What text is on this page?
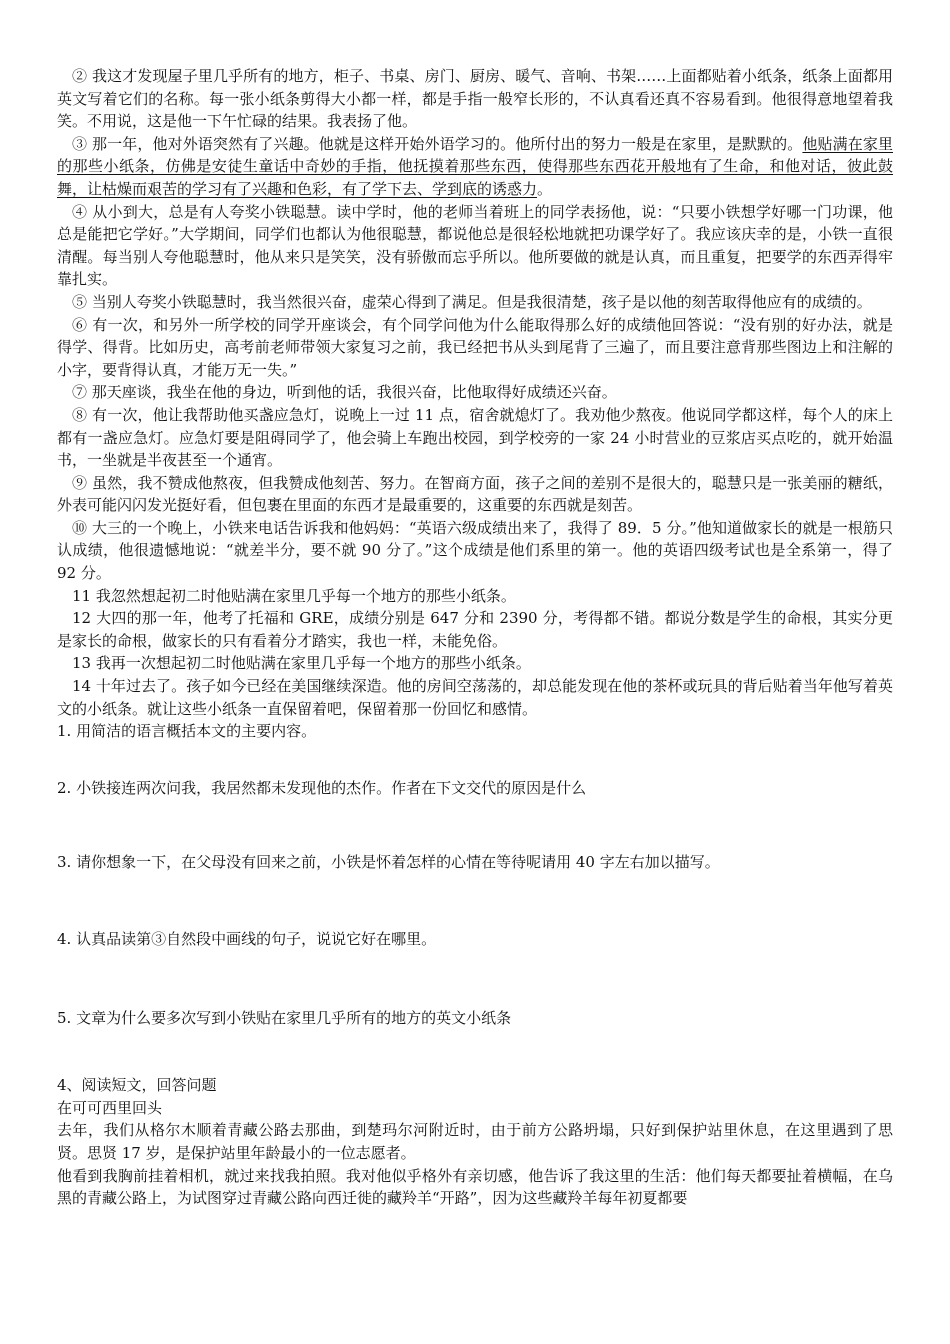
② 我这才发现屋子里几乎所有的地方，柜子、书桌、房门、厨房、暖气、音响、书架……上面都贴着小纸条，纸条上面都用英文写着它们的名称。每一张小纸条剪得大小都一样，都是手指一般窄长形的，不认真看还真不容易看到。他很得意地望着我笑。不用说，这是他一下午忙碌的结果。我表扬了他。

③ 那一年，他对外语突然有了兴趣。他就是这样开始外语学习的。他所付出的努力一般是在家里，是默默的。他贴满在家里的那些小纸条，仿佛是安徒生童话中奇妙的手指，他抚摸着那些东西，使得那些东西花开般地有了生命，和他对话，彼此鼓舞，让枯燥而艰苦的学习有了兴趣和色彩，有了学下去、学到底的诱惑力。

④ 从小到大，总是有人夸奖小铁聪慧。读中学时，他的老师当着班上的同学表扬他，说：“只要小铁想学好哪一门功课，他总是能把它学好。”大学期间，同学们也都认为他很聪慧，都说他总是很轻松地就把功课学好了。我应该庆幸的是，小铁一直很清醒。每当别人夸他聪慧时，他从来只是笑笑，没有骄傲而忘乎所以。他所要做的就是认真，而且重复，把要学的东西弄得牢靠扎实。

⑤ 当别人夸奖小铁聪慧时，我当然很兴奋，虚荣心得到了满足。但是我很清楚，孩子是以他的刻苦取得他应有的成绩的。

⑥ 有一次，和另外一所学校的同学开座谈会，有个同学问他为什么能取得那么好的成绩他回答说：“没有别的好办法，就是得学、得背。比如历史，高考前老师带领大家复习之前，我已经把书从头到尾背了三遍了，而且要注意背那些图边上和注解的小字，要背得认真，才能万无一失。”

⑦ 那天座谈，我坐在他的身边，听到他的话，我很兴奋，比他取得好成绩还兴奋。

⑧ 有一次，他让我帮助他买盏应急灯，说晚上一过 11 点，宿舍就熄灯了。我劝他少熬夜。他说同学都这样，每个人的床上都有一盏应急灯。应急灯要是阻碍同学了，他会骑上车跑出校园，到学校旁的一家 24 小时营业的豆浆店买点吃的，就开始温书，一坐就是半夜甚至一个通宵。

⑨ 虽然，我不赞成他熬夜，但我赞成他刻苦、努力。在智商方面，孩子之间的差别不是很大的，聪慧只是一张美丽的糖纸，外表可能闪闪发光挺好看，但包裹在里面的东西才是最重要的，这重要的东西就是刻苦。

⑩ 大三的一个晚上，小铁来电话告诉我和他妈妈：“英语六级成绩出来了，我得了 89．5 分。”他知道做家长的就是一根筋只认成绩，他很遗憾地说：“就差半分，要不就 90 分了。”这个成绩是他们系里的第一。他的英语四级考试也是全系第一，得了 92 分。

11 我忽然想起初二时他贴满在家里几乎每一个地方的那些小纸条。

12 大四的那一年，他考了托福和 GRE，成绩分别是 647 分和 2390 分，考得都不错。都说分数是学生的命根，其实分更是家长的命根，做家长的只有看着分才踏实，我也一样，未能免俗。

13 我再一次想起初二时他贴满在家里几乎每一个地方的那些小纸条。

14 十年过去了。孩子如今已经在美国继续深造。他的房间空荡荡的，却总能发现在他的茶杯或玩具的背后贴着当年他写着英文的小纸条。就让这些小纸条一直保留着吧，保留着那一份回忆和感情。

1. 用简洁的语言概括本文的主要内容。

2. 小铁接连两次问我，我居然都未发现他的杰作。作者在下文交代的原因是什么

3. 请你想象一下，在父母没有回来之前，小铁是怀着怎样的心情在等待呢请用 40 字左右加以描写。

4. 认真品读第③自然段中画线的句子，说说它好在哪里。

5. 文章为什么要多次写到小铁贴在家里几乎所有的地方的英文小纸条

4、阅读短文，回答问题

在可可西里回头

去年，我们从格尔木顺着青藏公路去那曲，到楚玛尔河附近时，由于前方公路坍塌，只好到保护站里休息，在这里遇到了思贤。思贤 17 岁，是保护站里年龄最小的一位志愿者。

他看到我胸前挂着相机，就过来找我拍照。我对他似乎格外有亲切感，他告诉了我这里的生活：他们每天都要扯着横幅，在乌黑的青藏公路上，为试图穿过青藏公路向西迁徙的藏羚羊“开路”，因为这些藏羚羊每年初夏都要
